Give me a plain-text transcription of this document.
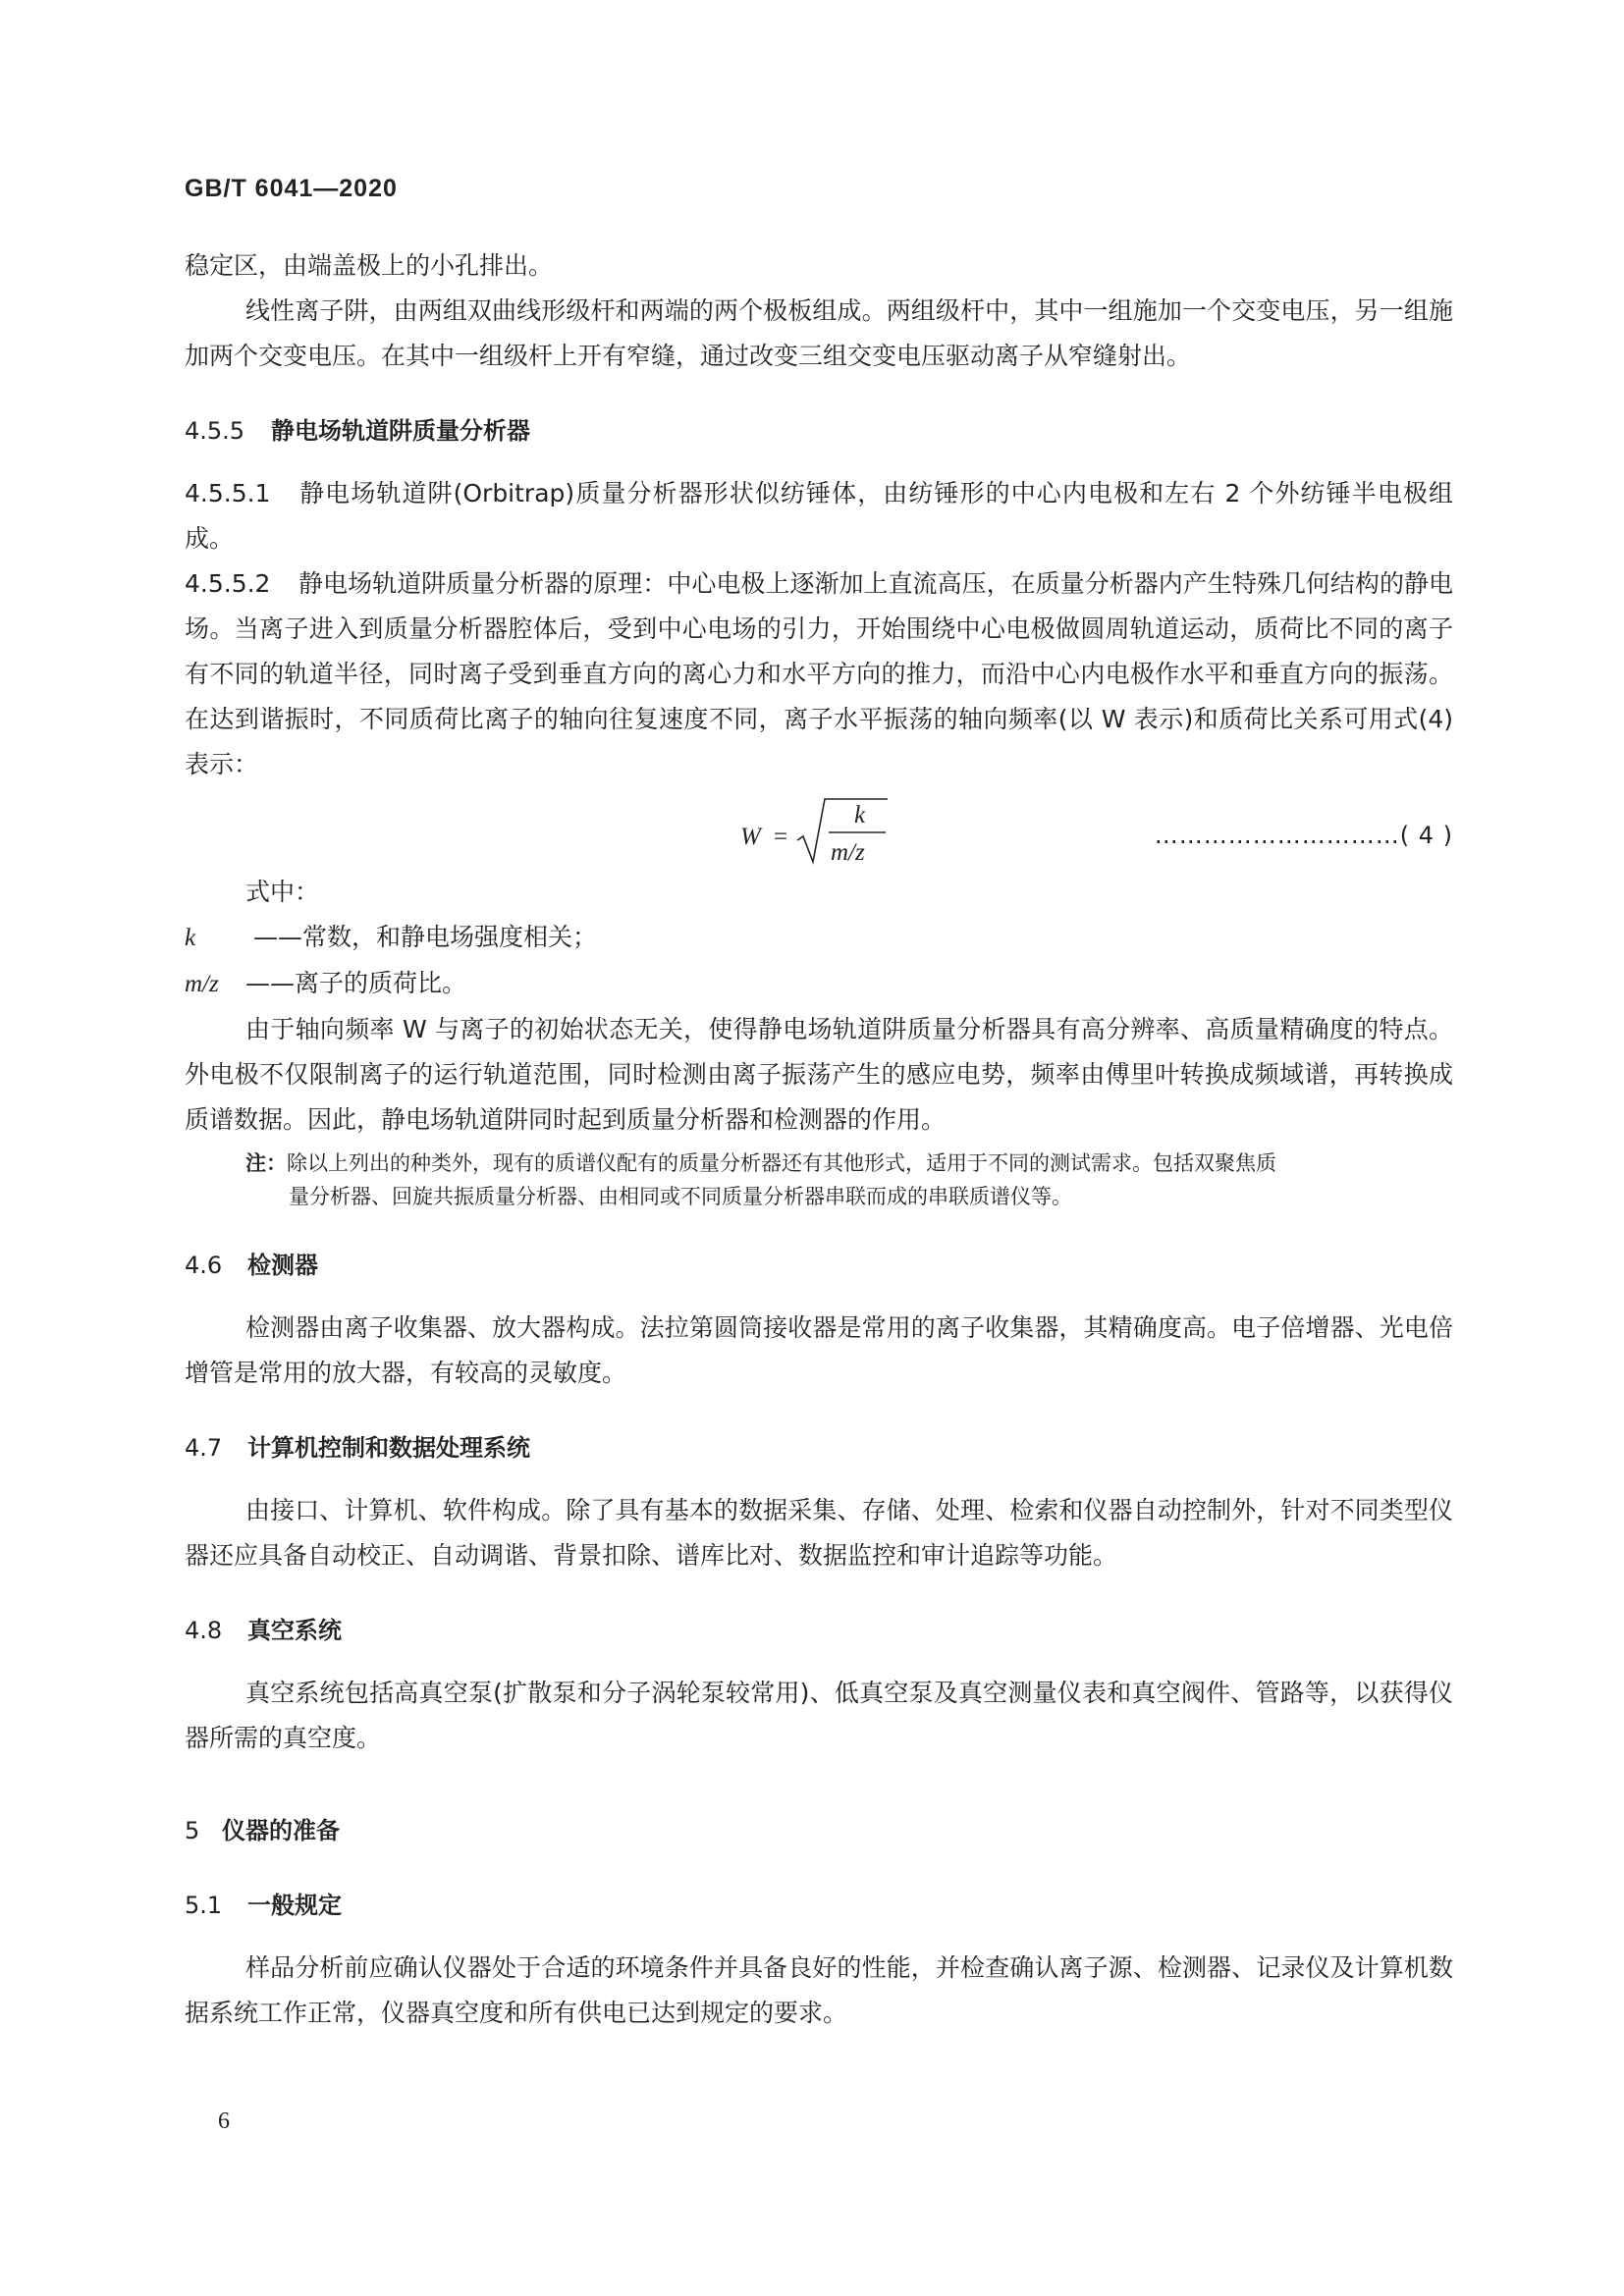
GB/T 6041—2020

稳定区，由端盖极上的小孔排出。

线性离子阱，由两组双曲线形级杆和两端的两个极板组成。两组级杆中，其中一组施加一个交变电压，另一组施加两个交变电压。在其中一组级杆上开有窄缝，通过改变三组交变电压驱动离子从窄缝射出。

4.5.5 静电场轨道阱质量分析器

4.5.5.1 静电场轨道阱(Orbitrap)质量分析器形状似纺锤体，由纺锤形的中心内电极和左右 2 个外纺锤半电极组成。

4.5.5.2 静电场轨道阱质量分析器的原理：中心电极上逐渐加上直流高压，在质量分析器内产生特殊几何结构的静电场。当离子进入到质量分析器腔体后，受到中心电场的引力，开始围绕中心电极做圆周轨道运动，质荷比不同的离子有不同的轨道半径，同时离子受到垂直方向的离心力和水平方向的推力，而沿中心内电极作水平和垂直方向的振荡。在达到谐振时，不同质荷比离子的轴向往复速度不同，离子水平振荡的轴向频率(以 W 表示)和质荷比关系可用式(4)表示：

W =
k
m/z
…………………………( 4 )

式中：

k ——常数，和静电场强度相关；

m/z ——离子的质荷比。

由于轴向频率 W 与离子的初始状态无关，使得静电场轨道阱质量分析器具有高分辨率、高质量精确度的特点。外电极不仅限制离子的运行轨道范围，同时检测由离子振荡产生的感应电势，频率由傅里叶转换成频域谱，再转换成质谱数据。因此，静电场轨道阱同时起到质量分析器和检测器的作用。

注：除以上列出的种类外，现有的质谱仪配有的质量分析器还有其他形式，适用于不同的测试需求。包括双聚焦质
量分析器、回旋共振质量分析器、由相同或不同质量分析器串联而成的串联质谱仪等。
4.6 检测器

检测器由离子收集器、放大器构成。法拉第圆筒接收器是常用的离子收集器，其精确度高。电子倍增器、光电倍增管是常用的放大器，有较高的灵敏度。

4.7 计算机控制和数据处理系统

由接口、计算机、软件构成。除了具有基本的数据采集、存储、处理、检索和仪器自动控制外，针对不同类型仪器还应具备自动校正、自动调谐、背景扣除、谱库比对、数据监控和审计追踪等功能。

4.8 真空系统

真空系统包括高真空泵(扩散泵和分子涡轮泵较常用)、低真空泵及真空测量仪表和真空阀件、管路等，以获得仪器所需的真空度。

5 仪器的准备
5.1 一般规定

样品分析前应确认仪器处于合适的环境条件并具备良好的性能，并检查确认离子源、检测器、记录仪及计算机数据系统工作正常，仪器真空度和所有供电已达到规定的要求。

6
